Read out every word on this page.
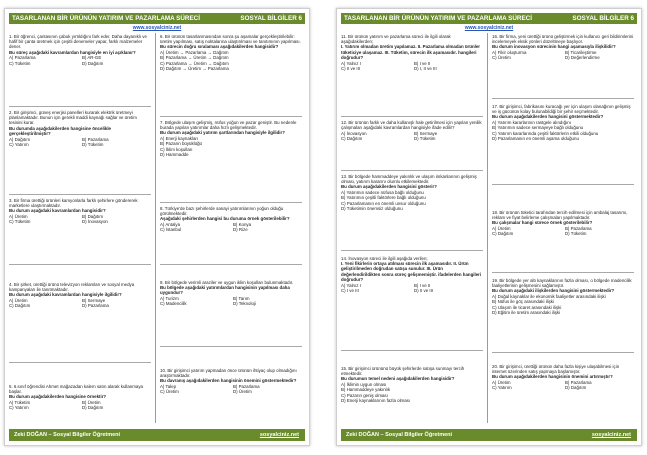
TASARLANAN BİR ÜRÜNÜN YATIRIM VE PAZARLAMA SÜRECİ	SOSYAL BİLGİLER 6
www.sosyalciniz.net
1. Bir öğrenci, çantasının çabuk yırtıldığını fark eder. Daha dayanıklı ve hafif bir çanta üretmek için çeşitli denemeler yapar, farklı malzemeler dener.
Bu süreç aşağıdaki kavramlardan hangisiyle en iyi açıklanır?
A) Pazarlama	B) AR-GE
C) Tüketim	D) Dağıtım
2. Bir girişimci, güneş enerjisi panelleri kurarak elektrik üretmeyi planlamaktadır. Bunun için gerekli maddi kaynağı sağlar ve üretim tesisini kurar.
Bu durumda aşağıdakilerden hangisine öncelikle gerçekleştirilmiştir?
A) Dağıtım	B) Pazarlama
C) Yatırım	D) Tüketim
3. Bir firma ürettiği ürünleri kamyonlarla farklı şehirlere göndererek marketlere ulaştırmaktadır.
Bu durum aşağıdaki kavramlardan hangisidir?
A) Üretim	B) Dağıtım
C) Tüketim	D) İnovasyon
4. Bir şirket, ürettiği ürünü televizyon reklamları ve sosyal medya kampanyaları ile tanıtmaktadır.
Bu durum aşağıdaki kavramlardan hangisiyle ilgilidir?
A) Üretim	B) Sermaye
C) Dağıtım	D) Pazarlama
5. 6.sınıf öğrendisi Ahmet mağazadan kalem satın alarak kullanmaya başlar.
Bu durum aşağıdakilerden hangisine örnektir?
A) Tüketim	B) Üretim
C) Yatırım	D) Dağıtım
6. Bir ürünün tasarlanmasından sonra şu aşamalar gerçekleştirilebilir: üretim yapılması, satış noktalarına ulaştırılması ve tanıtımının yapılması.
Bu sürecin doğru sıralaması aşağıdakilerden hangisidir?
A) Üretim → Pazarlama → Dağıtım
B) Pazarlama → Üretim → Dağıtım
C) Pazarlama → Üretim → Dağıtım
D) Dağıtım → Üretim → Pazarlama
7. Bölgede ulaşım gelişmiş, nüfus yoğun ve pazar geniştir. Bu nedenle burada yapılan yatırımlar daha hızlı gelişmektedir.
Bu durum aşağıdaki yatırım şartlarından hangisiyle ilgilidir?
A) Enerji kaynakları
B) Pazarın büyüklüğü
C) İklim koşulları
D) Hammadde
8. Türkiye'de bazı şehirlerde sanayi yatırımlarının yoğun olduğu görülmektedir.
Aşağıdaki şehirlerden hangisi bu duruma örnek gösterilebilir?
A) Antalya	B) Konya
C) İstanbul	D) Rize
9. Bir bölgede verimli araziler ve uygun iklim koşulları bulunmaktadır.
Bu bölgede aşağıdaki yatırımlardan hangisinin yapılması daha uygundur?
A) Turizm	B) Tarım
C) Madencilik	D) Teknoloji
10. Bir girişimci yatırım yapmadan önce ürünün ihtiyaç olup olmadığını araştırmaktadır.
Bu davranış aşağıdakilerden hangisinin önemini göstermektedir?
A) Talep	B) Pazarlama
C) Üretim	D) Üretim
Zeki DOĞAN – Sosyal Bilgiler Öğretmeni	sosyalciniz.net
TASARLANAN BİR ÜRÜNÜN YATIRIM VE PAZARLAMA SÜRECİ	SOSYAL BİLGİLER 6
www.sosyalciniz.net
11. Bir ürünün yatırım ve pazarlama süreci ile ilgili olarak aşağıdakilerden;
I. Yatırım olmadan üretim yapılamaz. II. Pazarlama olmadan ürünler tüketiciye ulaşamaz. III. Tüketim, sürecin ilk aşamasıdır. hangileri doğrudur?
A) Yalnız I	B) I ve II
C) II ve III	D) I, II ve III
12. Bir ürünün farklı ve daha kullanışlı hale getirilmesi için yapılan yenilik çalışmaları aşağıdaki kavramlardan hangisiyle ifade edilir?
A) İnovasyon	B) Sermaye
C) Dağıtım	D) Tüketim
13. Bir bölgede hammaddeye yakınlık ve ulaşım imkanlarının gelişmiş olması, yatırım kararını olumlu etkilemektedir.
Bu durum aşağıdakilerden hangisini gösterir?
A) Yatırımın sadece nüfusa bağlı olduğunu
B) Yatırımın çeşitli faktörlere bağlı olduğunu
C) Pazarlamanın en önemli unsur olduğunu
D) Tüketimin önemsiz olduğunu
14. İnovasyon süreci ile ilgili aşağıda verilen;
I. Yeni fikirlerin ortaya atılması sürecin ilk aşamasıdır. II. Ürün geliştirilmeden doğrudan satışa sunulur. III. Ürün değerlendirildikten sonra süreç gelişmemiştir. ifadelerden hangileri doğrudur?
A) Yalnız I	B) I ve II
C) I ve III	D) II ve III
15. Bir girişimci ürününü büyük şehirlerde satışa sunmayı tercih etmektedir.
Bu durumun temel nedeni aşağıdakilerden hangisidir?
A) İklimin uygun olması
B) Hammaddeye yakınlık
C) Pazarın geniş olması
D) Enerji kaynaklarının fazla olması
16. Bir firma, yeni ürettiği ürünü geliştirmek için kullanıcı geri bildirimlerini incelemeyek eksik yönleri düzeltmeye başlıyor.
Bu durum inovasyon sürecinin hangi aşamasıyla ilişkilidir?
A) Fikir oluşturma	B) Ticarileştirme
C) Üretim	D) Değerlendirme
17. Bir girişimci, fabrikasını kuracağı yer için ulaşım olanağının gelişmiş ve iş gücünün kolay bulunabildiği bir şehir seçmektedir.
Bu durum aşağıdakilerden hangisini göstermektedir?
A) Yatırım kararlarının rastgele alındığını
B) Yatırımın sadece sermayeye bağlı olduğunu
C) Yatırım kararlarında çeşitli faktörlerin etkili olduğunu
D) Pazarlamanın en önemli aşama olduğunu
18. Bir ürünün tüketici tarafından tercih edilmesi için ambalaj tasarımı, reklam ve fiyat belirleme çalışmaları yapılmaktadır.
Bu çalışmalar hangi sürece örnek gösterilebilir?
A) Üretim	B) Pazarlama
C) Dağıtım	D) Tüketim
19. Bir bölgede yer altı kaynaklarının fazla olması, o bölgede madencilik faaliyetlerinin gelişmesini sağlamıştır.
Bu durum aşağıdaki ilişkilerden hangisini göstermektedir?
A) Doğal kaynaklar ile ekonomik faaliyetler arasındaki ilişki
B) Nüfus ile göç arasındaki ilişki
C) Ulaşım ile ticaret arasındaki ilişki
D) Eğitim ile üretim arasındaki ilişki
20. Bir girişimci, ürettiği ürünün daha fazla kişiye ulaşabilmesi için internet üzerinden satış yapmaya başlamıştır.
Bu durum aşağıdakilerden hangisinin önemini artırmıştır?
A) Üretim	B) Pazarlama
C) Yatırım	D) Dağıtım
Zeki DOĞAN – Sosyal Bilgiler Öğretmeni	sosyalciniz.net
